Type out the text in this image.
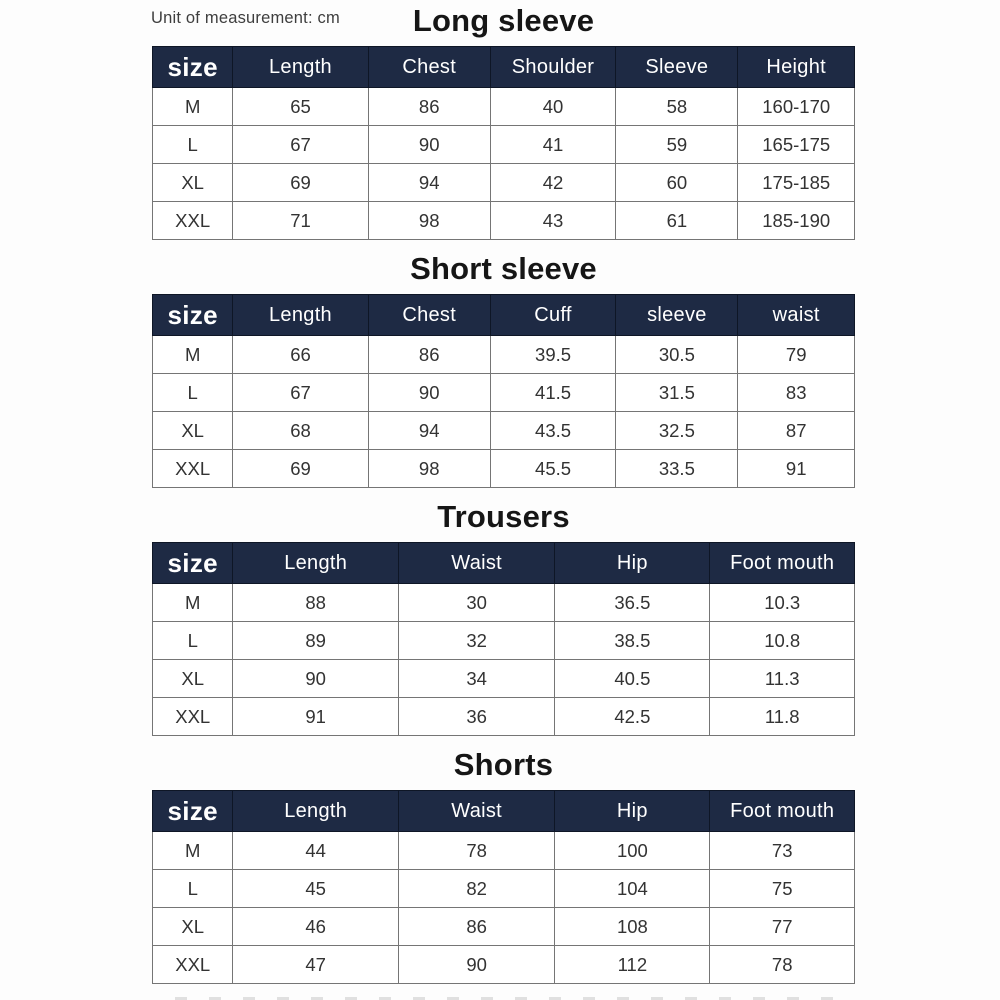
Unit of measurement: cm	Long sleeve
size	Length	Chest	Shoulder	Sleeve	Height
M	65	86	40	58	160-170
L	67	90	41	59	165-175
XL	69	94	42	60	175-185
XXL	71	98	43	61	185-190
Short sleeve
size	Length	Chest	Cuff	sleeve	waist
M	66	86	39.5	30.5	79
L	67	90	41.5	31.5	83
XL	68	94	43.5	32.5	87
XXL	69	98	45.5	33.5	91
Trousers
size	Length	Waist	Hip	Foot mouth
M	88	30	36.5	10.3
L	89	32	38.5	10.8
XL	90	34	40.5	11.3
XXL	91	36	42.5	11.8
Shorts
size	Length	Waist	Hip	Foot mouth
M	44	78	100	73
L	45	82	104	75
XL	46	86	108	77
XXL	47	90	112	78
